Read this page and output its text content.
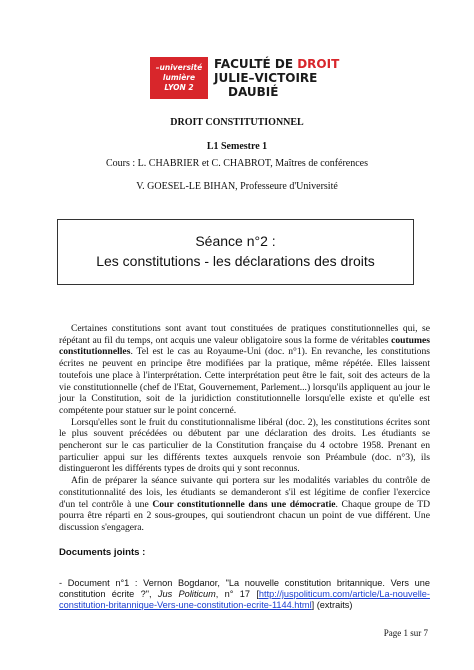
–université
lumière
LYON 2
FACULTÉ DE DROIT
JULIE–VICTOIRE
DAUBIÉ
DROIT CONSTITUTIONNEL
L1 Semestre 1
Cours : L. CHABRIER et C. CHABROT, Maîtres de conférences
V. GOESEL-LE BIHAN, Professeure d'Université
Séance n°2 :
Les constitutions - les déclarations des droits

Certaines constitutions sont avant tout constituées de pratiques constitutionnelles qui, se répétant au fil du temps, ont acquis une valeur obligatoire sous la forme de véritables coutumes constitutionnelles. Tel est le cas au Royaume-Uni (doc. n°1). En revanche, les constitutions écrites ne peuvent en principe être modifiées par la pratique, même répétée. Elles laissent toutefois une place à l'interprétation. Cette interprétation peut être le fait, soit des acteurs de la vie constitutionnelle (chef de l'Etat, Gouvernement, Parlement...) lorsqu'ils appliquent au jour le jour la Constitution, soit de la juridiction constitutionnelle lorsqu'elle existe et qu'elle est compétente pour statuer sur le point concerné.

Lorsqu'elles sont le fruit du constitutionnalisme libéral (doc. 2), les constitutions écrites sont le plus souvent précédées ou débutent par une déclaration des droits. Les étudiants se pencheront sur le cas particulier de la Constitution française du 4 octobre 1958. Prenant en particulier appui sur les différents textes auxquels renvoie son Préambule (doc. n°3), ils distingueront les différents types de droits qui y sont reconnus.

Afin de préparer la séance suivante qui portera sur les modalités variables du contrôle de constitutionnalité des lois, les étudiants se demanderont s'il est légitime de confier l'exercice d'un tel contrôle à une Cour constitutionnelle dans une démocratie. Chaque groupe de TD pourra être réparti en 2 sous-groupes, qui soutiendront chacun un point de vue différent. Une discussion s'engagera.

Documents joints :
- Document n°1 : Vernon Bogdanor, "La nouvelle constitution britannique. Vers une constitution écrite ?", Jus Politicum, n° 17 [http://juspoliticum.com/article/La-nouvelle-constitution-britannique-Vers-une-constitution-ecrite-1144.html] (extraits)
Page 1 sur 7
